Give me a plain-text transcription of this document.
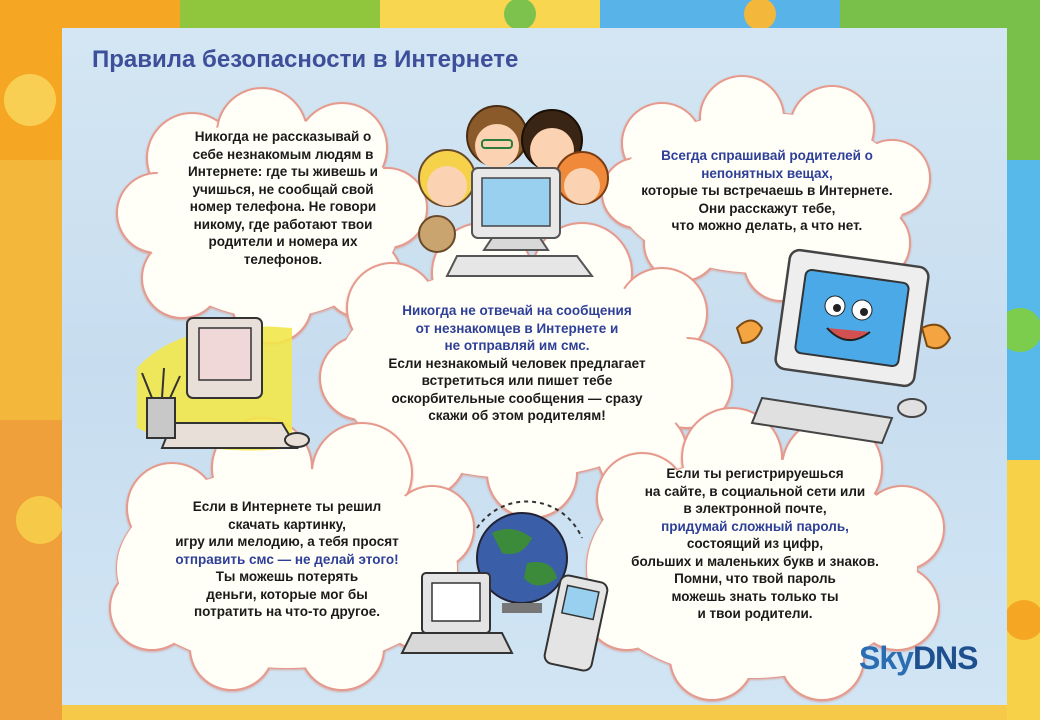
Правила безопасности в Интернете
Никогда не рассказывай о
себе незнакомым людям в
Интернете: где ты живешь и
учишься, не сообщай свой
номер телефона. Не говори
никому, где работают твои
родители и номера их
телефонов.
Всегда спрашивай родителей о
непонятных вещах,
которые ты встречаешь в Интернете.
Они расскажут тебе,
что можно делать, а что нет.
Никогда не отвечай на сообщения
от незнакомцев в Интернете и
не отправляй им смс.
Если незнакомый человек предлагает
встретиться или пишет тебе
оскорбительные сообщения — сразу
скажи об этом родителям!
Если в Интернете ты решил
скачать картинку,
игру или мелодию, а тебя просят
отправить смс — не делай этого!
Ты можешь потерять
деньги, которые мог бы
потратить на что-то другое.
Если ты регистрируешься
на сайте, в социальной сети или
в электронной почте,
придумай сложный пароль,
состоящий из цифр,
больших и маленьких букв и знаков.
Помни, что твой пароль
можешь знать только ты
и твои родители.
SkyDNS
